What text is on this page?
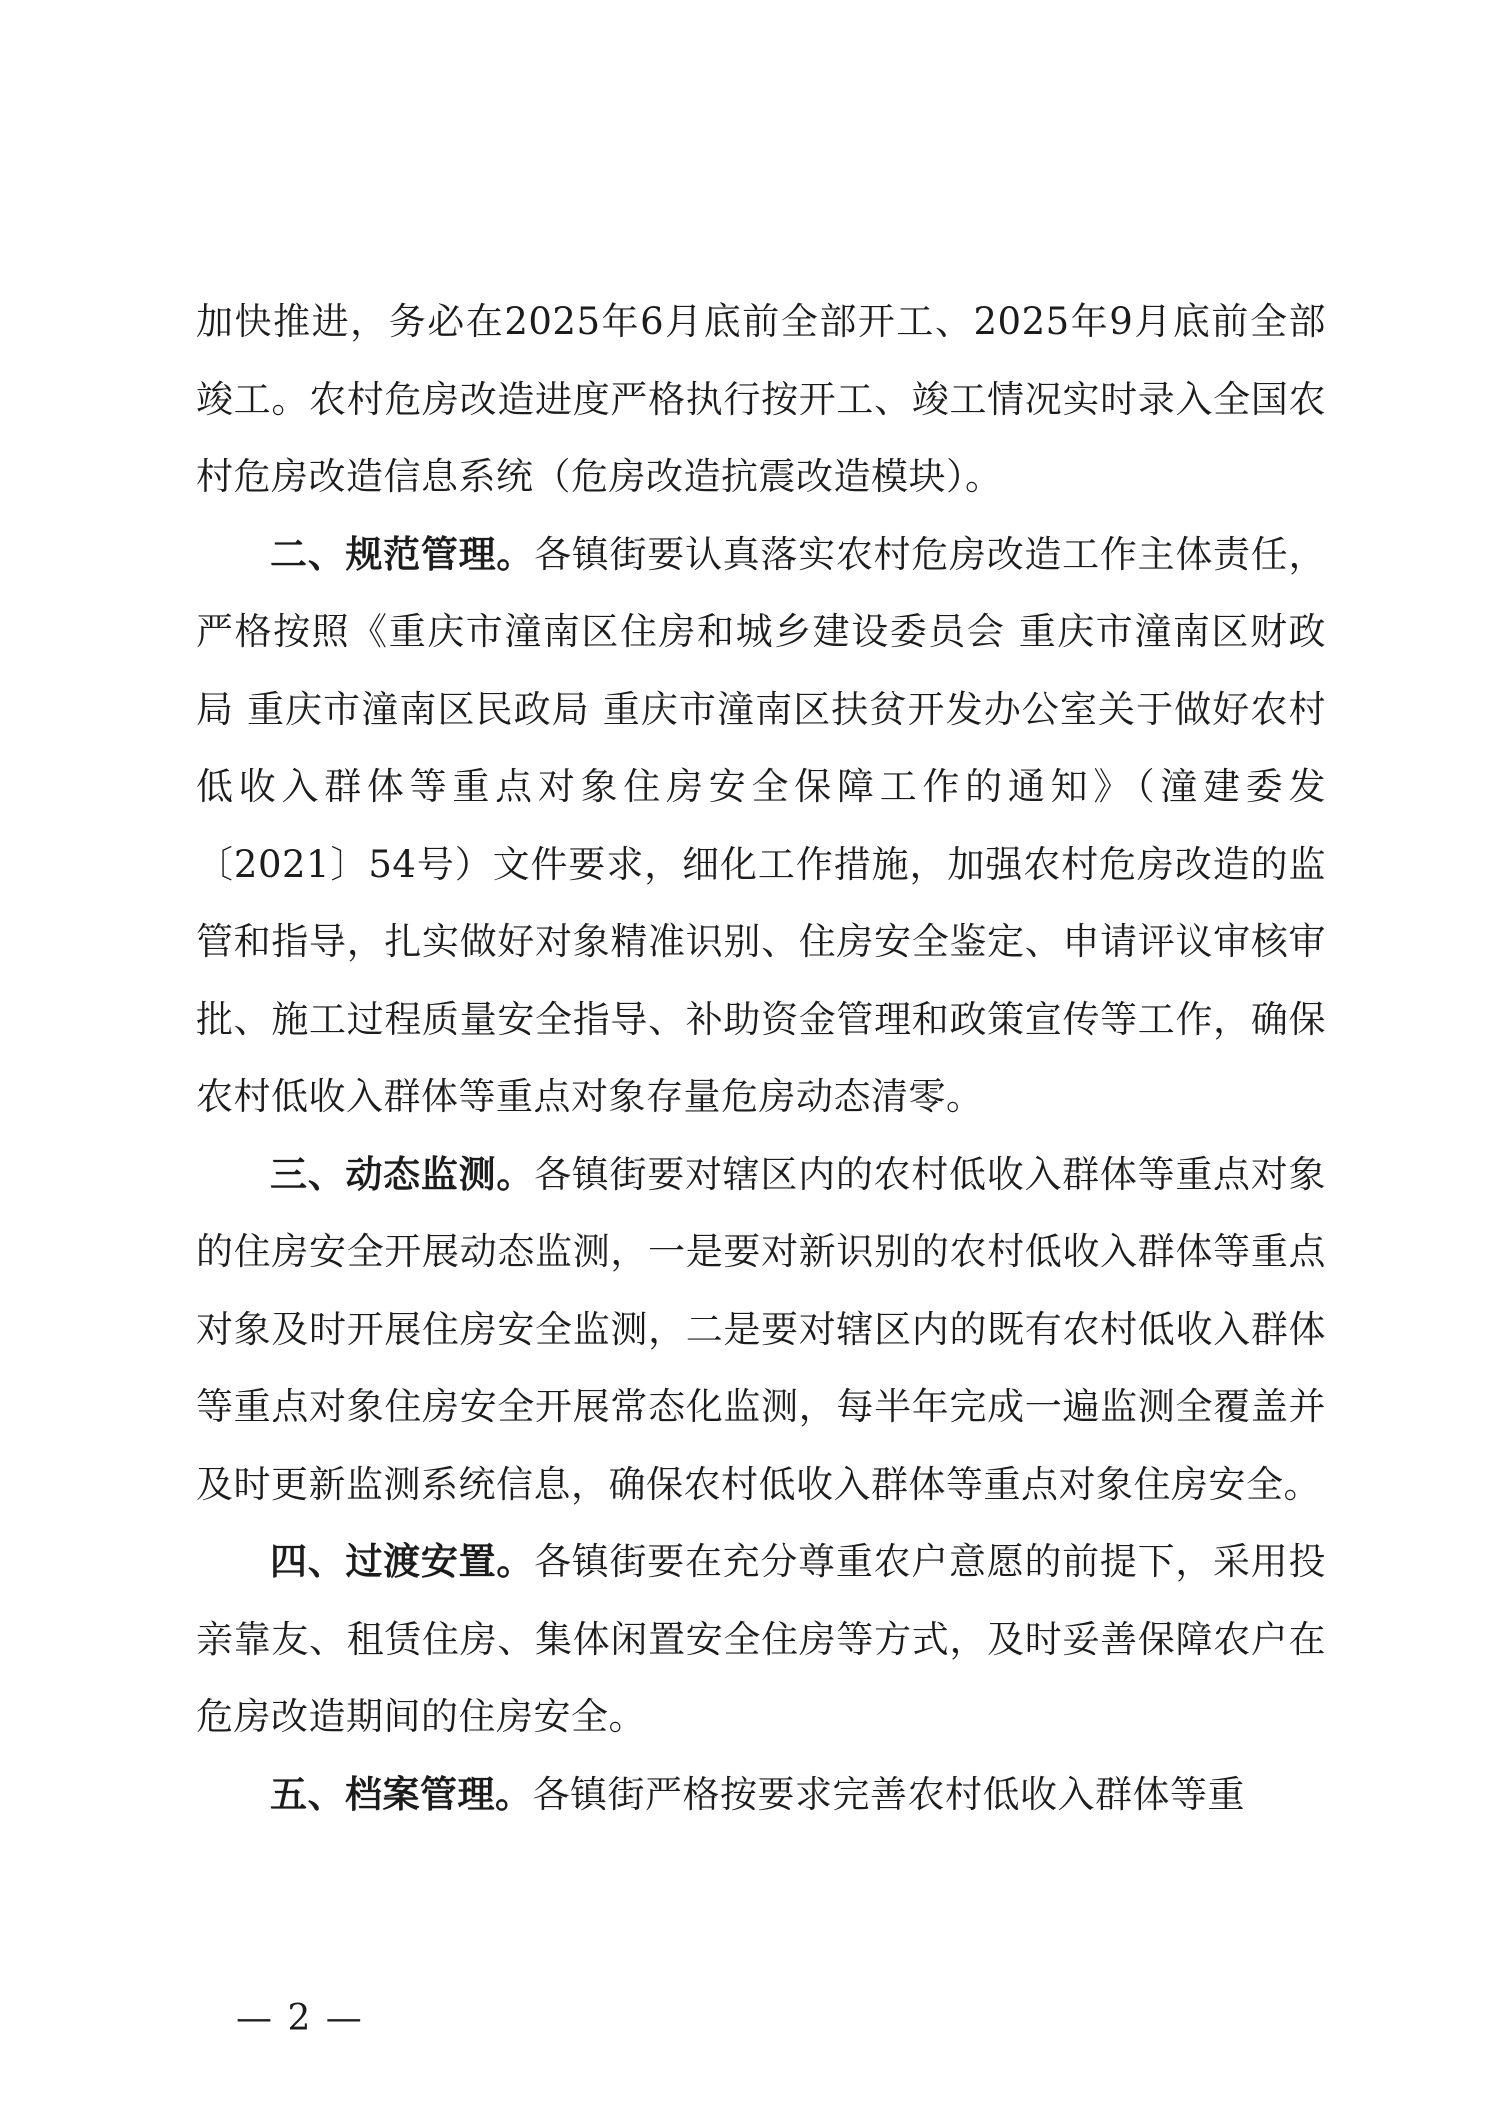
加快推进，务必在2025年6月底前全部开工、2025年9月底前全部竣工。农村危房改造进度严格执行按开工、竣工情况实时录入全国农村危房改造信息系统（危房改造抗震改造模块）。

二、规范管理。各镇街要认真落实农村危房改造工作主体责任，严格按照《重庆市潼南区住房和城乡建设委员会 重庆市潼南区财政局 重庆市潼南区民政局 重庆市潼南区扶贫开发办公室关于做好农村低收入群体等重点对象住房安全保障工作的通知》（潼建委发〔2021〕54号）文件要求，细化工作措施，加强农村危房改造的监管和指导，扎实做好对象精准识别、住房安全鉴定、申请评议审核审批、施工过程质量安全指导、补助资金管理和政策宣传等工作，确保农村低收入群体等重点对象存量危房动态清零。

三、动态监测。各镇街要对辖区内的农村低收入群体等重点对象的住房安全开展动态监测，一是要对新识别的农村低收入群体等重点对象及时开展住房安全监测，二是要对辖区内的既有农村低收入群体等重点对象住房安全开展常态化监测，每半年完成一遍监测全覆盖并及时更新监测系统信息，确保农村低收入群体等重点对象住房安全。

四、过渡安置。各镇街要在充分尊重农户意愿的前提下，采用投亲靠友、租赁住房、集体闲置安全住房等方式，及时妥善保障农户在危房改造期间的住房安全。

五、档案管理。各镇街严格按要求完善农村低收入群体等重

— 2 —
